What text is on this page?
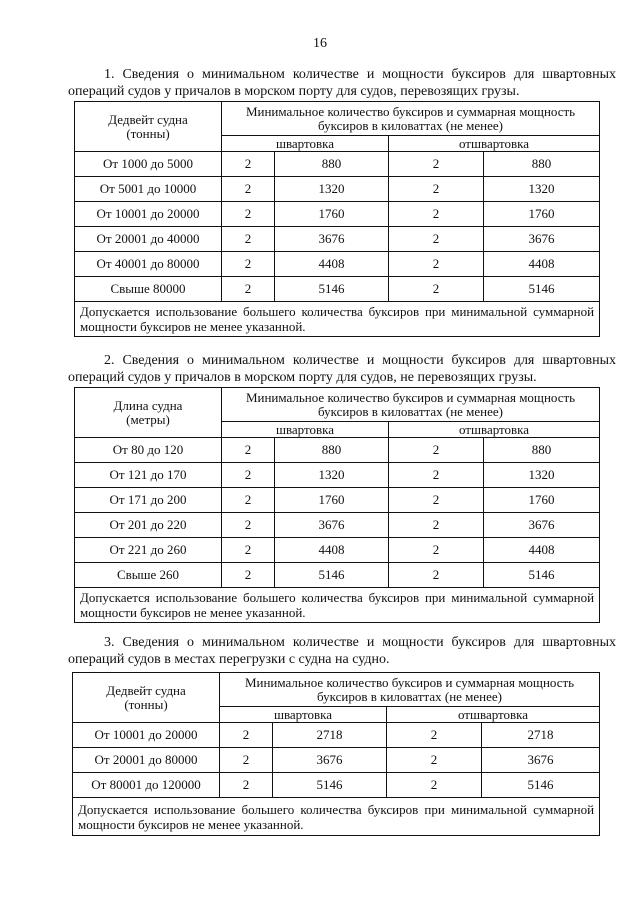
16
1. Сведения о минимальном количестве и мощности буксиров для швартовных операций судов у причалов в морском порту для судов, перевозящих грузы.
Дедвейт судна
(тонны)	Минимальное количество буксиров и суммарная мощность буксиров в киловаттах (не менее)			
	швартовка		отшвартовка	
От 1000 до 5000	2	880	2	880
От 5001 до 10000	2	1320	2	1320
От 10001 до 20000	2	1760	2	1760
От 20001 до 40000	2	3676	2	3676
От 40001 до 80000	2	4408	2	4408
Свыше 80000	2	5146	2	5146

Допускается использование большего количества буксиров при минимальной суммарной мощности буксиров не менее указанной.				
2. Сведения о минимальном количестве и мощности буксиров для швартовных операций судов у причалов в морском порту для судов, не перевозящих грузы.
Длина судна
(метры)	Минимальное количество буксиров и суммарная мощность буксиров в киловаттах (не менее)			
	швартовка		отшвартовка	
От 80 до 120	2	880	2	880
От 121 до 170	2	1320	2	1320
От 171 до 200	2	1760	2	1760
От 201 до 220	2	3676	2	3676
От 221 до 260	2	4408	2	4408
Свыше 260	2	5146	2	5146

Допускается использование большего количества буксиров при минимальной суммарной мощности буксиров не менее указанной.				
3. Сведения о минимальном количестве и мощности буксиров для швартовных операций судов в местах перегрузки с судна на судно.
Дедвейт судна
(тонны)	Минимальное количество буксиров и суммарная мощность буксиров в киловаттах (не менее)			
	швартовка		отшвартовка	
От 10001 до 20000	2	2718	2	2718
От 20001 до 80000	2	3676	2	3676
От 80001 до 120000	2	5146	2	5146

Допускается использование большего количества буксиров при минимальной суммарной мощности буксиров не менее указанной.				
